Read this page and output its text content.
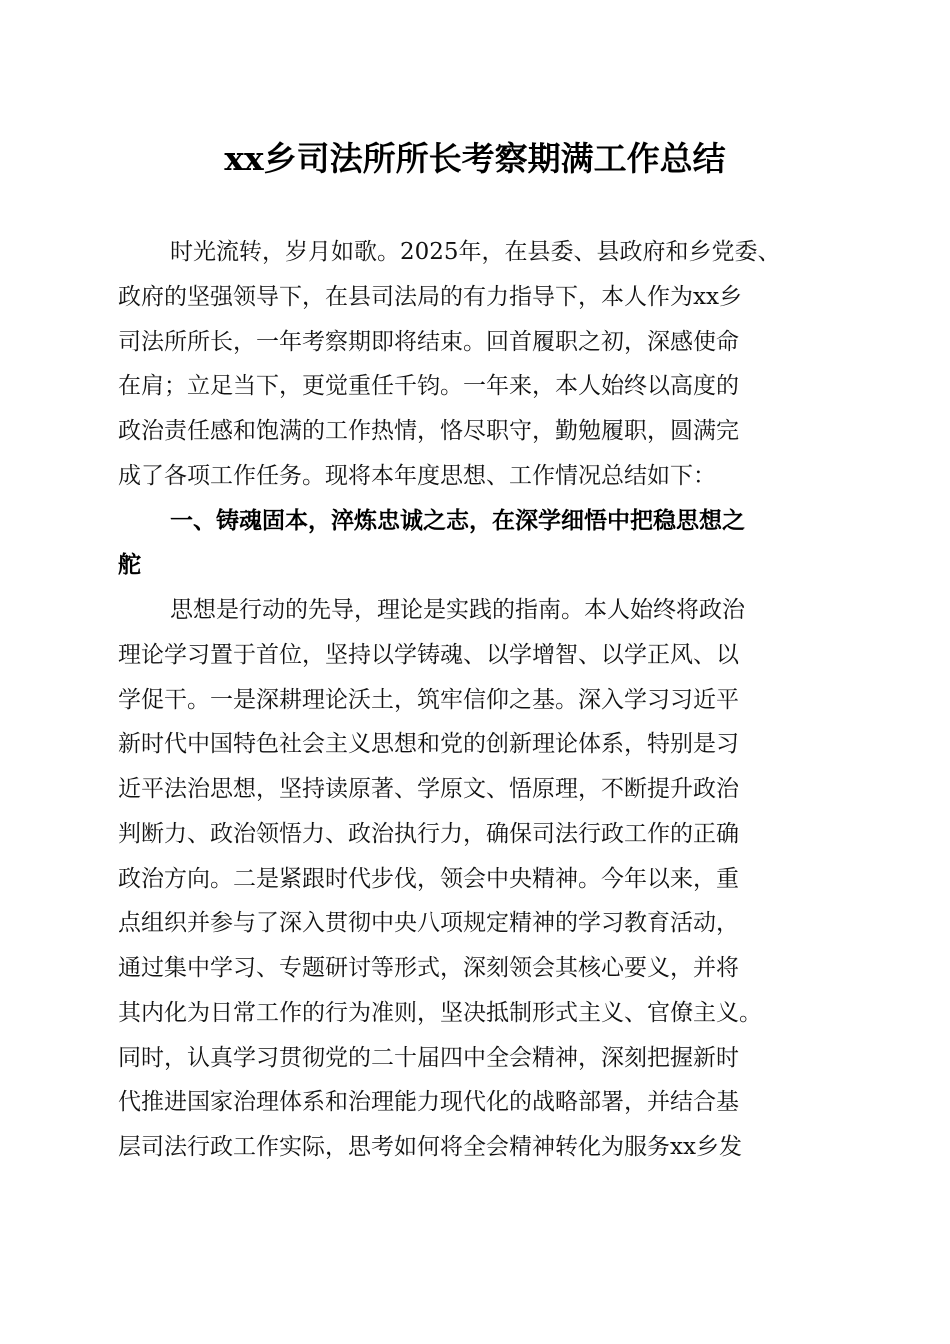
xx乡司法所所长考察期满工作总结

时光流转，岁月如歌。2025年，在县委、县政府和乡党委、

政府的坚强领导下，在县司法局的有力指导下，本人作为xx乡

司法所所长，一年考察期即将结束。回首履职之初，深感使命

在肩；立足当下，更觉重任千钧。一年来，本人始终以高度的

政治责任感和饱满的工作热情，恪尽职守，勤勉履职，圆满完

成了各项工作任务。现将本年度思想、工作情况总结如下：

一、铸魂固本，淬炼忠诚之志，在深学细悟中把稳思想之

舵

思想是行动的先导，理论是实践的指南。本人始终将政治

理论学习置于首位，坚持以学铸魂、以学增智、以学正风、以

学促干。一是深耕理论沃土，筑牢信仰之基。深入学习习近平

新时代中国特色社会主义思想和党的创新理论体系，特别是习

近平法治思想，坚持读原著、学原文、悟原理，不断提升政治

判断力、政治领悟力、政治执行力，确保司法行政工作的正确

政治方向。二是紧跟时代步伐，领会中央精神。今年以来，重

点组织并参与了深入贯彻中央八项规定精神的学习教育活动，

通过集中学习、专题研讨等形式，深刻领会其核心要义，并将

其内化为日常工作的行为准则，坚决抵制形式主义、官僚主义。

同时，认真学习贯彻党的二十届四中全会精神，深刻把握新时

代推进国家治理体系和治理能力现代化的战略部署，并结合基

层司法行政工作实际，思考如何将全会精神转化为服务xx乡发
